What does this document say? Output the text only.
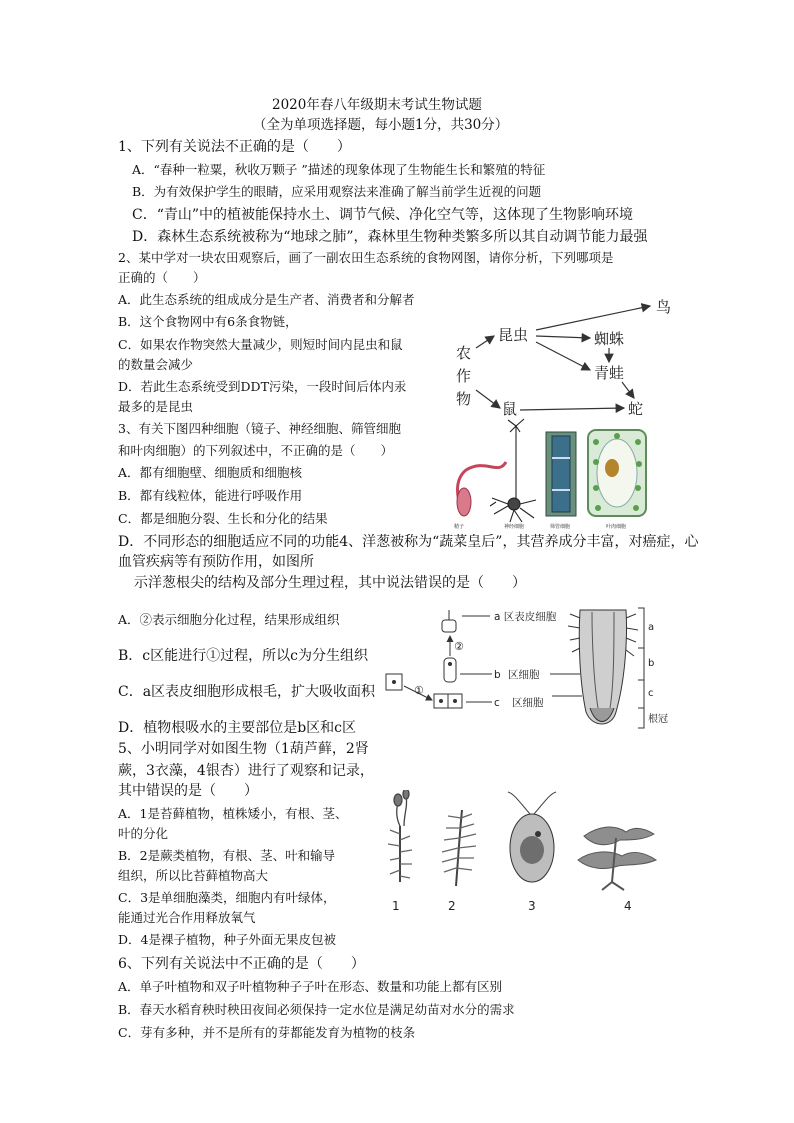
2020年春八年级期末考试生物试题
（全为单项选择题，每小题1分，共30分）
1、下列有关说法不正确的是（　　）
A．“春种一粒粟，秋收万颗子 ”描述的现象体现了生物能生长和繁殖的特征
B．为有效保护学生的眼睛，应采用观察法来准确了解当前学生近视的问题
C．“青山”中的植被能保持水土、调节气候、净化空气等，这体现了生物影响环境
D．森林生态系统被称为“地球之肺”，森林里生物种类繁多所以其自动调节能力最强
2、某中学对一块农田观察后，画了一副农田生态系统的食物网图，请你分析，下列哪项是
正确的（　　）
A．此生态系统的组成成分是生产者、消费者和分解者
B．这个食物网中有6条食物链，
C．如果农作物突然大量减少，则短时间内昆虫和鼠
的数量会减少
D．若此生态系统受到DDT污染，一段时间后体内汞
最多的是昆虫
3、有关下图四种细胞（镜子、神经细胞、筛管细胞
和叶肉细胞）的下列叙述中，不正确的是（　　）
A．都有细胞壁、细胞质和细胞核
B．都有线粒体，能进行呼吸作用
C．都是细胞分裂、生长和分化的结果
D．不同形态的细胞适应不同的功能4、洋葱被称为“蔬菜皇后”，其营养成分丰富，对癌症，心
血管疾病等有预防作用，如图所
示洋葱根尖的结构及部分生理过程，其中说法错误的是（　　）
A．②表示细胞分化过程，结果形成组织
B．c区能进行①过程，所以c为分生组织
C．a区表皮细胞形成根毛，扩大吸收面积
D．植物根吸水的主要部位是b区和c区
5、小明同学对如图生物（1葫芦藓，2肾
蕨，3衣藻，4银杏）进行了观察和记录，
其中错误的是（　　）
A．1是苔藓植物，植株矮小，有根、茎、
叶的分化
B．2是蕨类植物，有根、茎、叶和输导
组织，所以比苔藓植物高大
C．3是单细胞藻类，细胞内有叶绿体，
能通过光合作用释放氧气
D．4是裸子植物，种子外面无果皮包被
6、下列有关说法中不正确的是（　　）
A．单子叶植物和双子叶植物种子子叶在形态、数量和功能上都有区别
B．春天水稻育秧时秧田夜间必须保持一定水位是满足幼苗对水分的需求
C．芽有多种，并不是所有的芽都能发育为植物的枝条
农
作
物
昆虫
鸟
蜘蛛
青蛙
鼠	蛇
精子	神经细胞	筛管细胞	叶肉细胞
①
②
a 区表皮细胞
b 区细胞
c 区细胞
a
b
c
根冠
1	2	3	4
